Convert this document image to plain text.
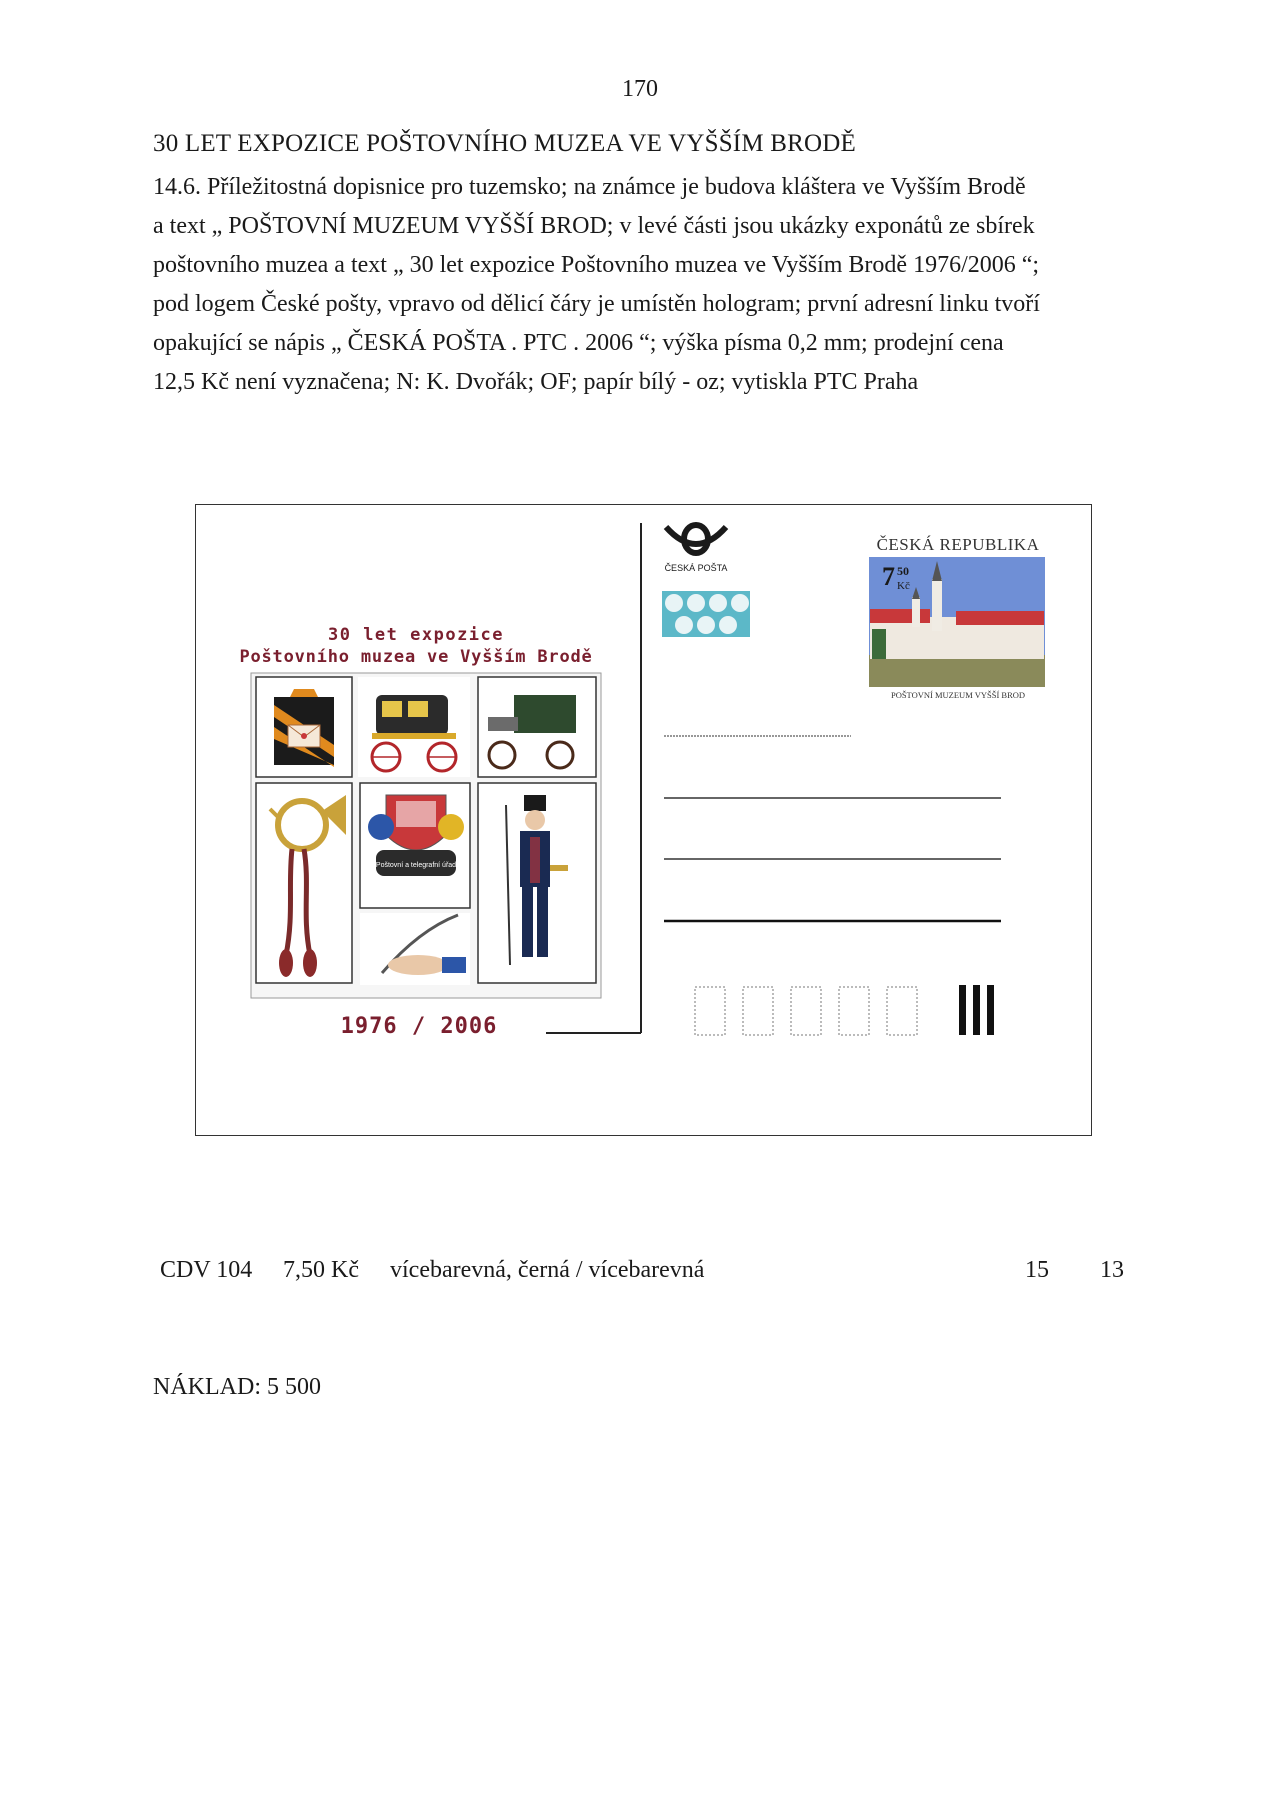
170
30 LET EXPOZICE POŠTOVNÍHO MUZEA VE VYŠŠÍM BRODĚ
14.6. Příležitostná dopisnice pro tuzemsko; na známce je budova kláštera ve Vyšším Brodě
a text „ POŠTOVNÍ MUZEUM VYŠŠÍ BROD; v levé části jsou ukázky exponátů ze sbírek
poštovního muzea a text „ 30 let expozice Poštovního muzea ve Vyšším Brodě 1976/2006 “;
pod logem České pošty, vpravo od dělicí čáry je umístěn hologram; první adresní linku tvoří
opakující se nápis „ ČESKÁ POŠTA . PTC . 2006 “; výška písma 0,2 mm; prodejní cena
12,5 Kč není vyznačena; N: K. Dvořák; OF; papír bílý - oz; vytiskla PTC Praha
30 let expozice
Poštovního muzea ve Vyšším Brodě
Poštovní a telegrafní úřad
1976 / 2006
ČESKÁ POŠTA
ČESKÁ REPUBLIKA
7 50
Kč
POŠTOVNÍ MUZEUM VYŠŠÍ BROD
CDV 104 7,50 Kč vícebarevná, černá / vícebarevná	15 13
NÁKLAD: 5 500
